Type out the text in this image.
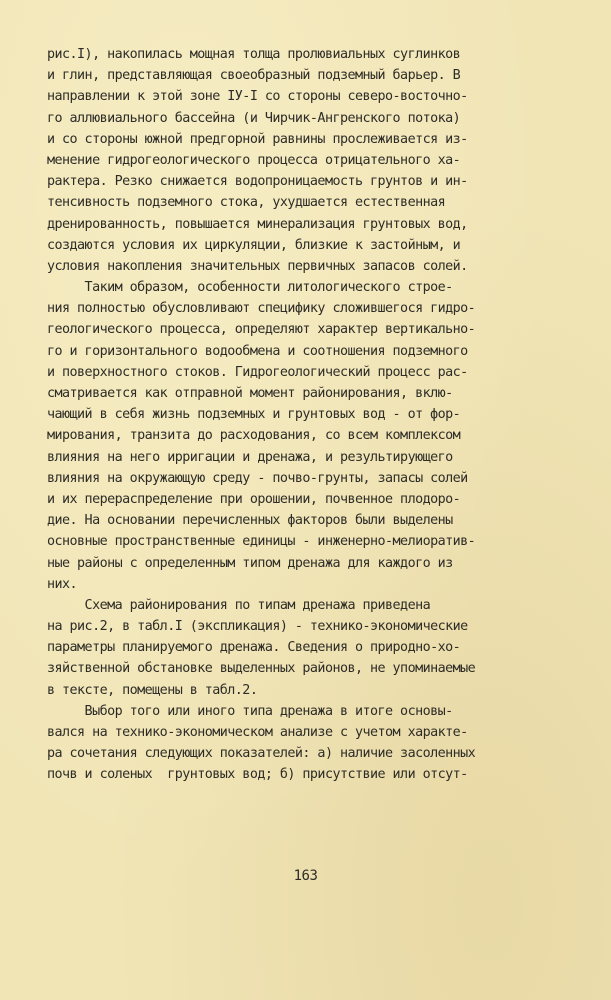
рис.I), накопилась мощная толща пролювиальных суглинков
и глин, представляющая своеобразный подземный барьер. В
направлении к этой зоне IУ-I со стороны северо-восточно-
го аллювиального бассейна (и Чирчик-Ангренского потока)
и со стороны южной предгорной равнины прослеживается из-
менение гидрогеологического процесса отрицательного ха-
рактера. Резко снижается водопроницаемость грунтов и ин-
тенсивность подземного стока, ухудшается естественная
дренированность, повышается минерализация грунтовых вод,
создаются условия их циркуляции, близкие к застойным, и
условия накопления значительных первичных запасов солей.
Таким образом, особенности литологического строе-
ния полностью обусловливают специфику сложившегося гидро-
геологического процесса, определяют характер вертикально-
го и горизонтального водообмена и соотношения подземного
и поверхностного стоков. Гидрогеологический процесс рас-
сматривается как отправной момент районирования, вклю-
чающий в себя жизнь подземных и грунтовых вод - от фор-
мирования, транзита до расходования, со всем комплексом
влияния на него ирригации и дренажа, и результирующего
влияния на окружающую среду - почво-грунты, запасы солей
и их перераспределение при орошении, почвенное плодоро-
дие. На основании перечисленных факторов были выделены
основные пространственные единицы - инженерно-мелиоратив-
ные районы с определенным типом дренажа для каждого из
них.
Схема районирования по типам дренажа приведена
на рис.2, в табл.I (экспликация) - технико-экономические
параметры планируемого дренажа. Сведения о природно-хо-
зяйственной обстановке выделенных районов, не упоминаемые
в тексте, помещены в табл.2.
Выбор того или иного типа дренажа в итоге основы-
вался на технико-экономическом анализе с учетом характе-
ра сочетания следующих показателей: а) наличие засоленных
почв и соленых  грунтовых вод; б) присутствие или отсут-
163
